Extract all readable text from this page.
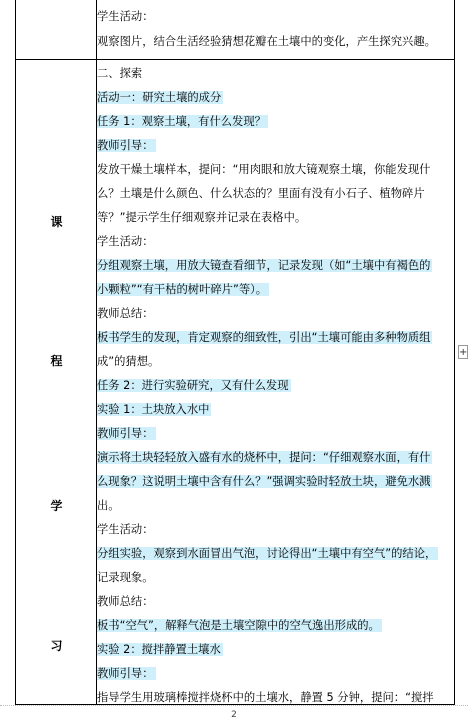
课
程
学
习
学生活动：
观察图片，结合生活经验猜想花瓣在土壤中的变化，产生探究兴趣。
二、探索
活动一：研究土壤的成分
任务 1：观察土壤，有什么发现？
教师引导：
发放干燥土壤样本，提问：“用肉眼和放大镜观察土壤，你能发现什
么？土壤是什么颜色、什么状态的？里面有没有小石子、植物碎片
等？”提示学生仔细观察并记录在表格中。
学生活动：
分组观察土壤，用放大镜查看细节，记录发现（如“土壤中有褐色的
小颗粒”“有干枯的树叶碎片”等）。
教师总结：
板书学生的发现，肯定观察的细致性，引出“土壤可能由多种物质组
成”的猜想。
任务 2：进行实验研究，又有什么发现
实验 1：土块放入水中
教师引导：
演示将土块轻轻放入盛有水的烧杯中，提问：“仔细观察水面，有什
么现象？这说明土壤中含有什么？”强调实验时轻放土块，避免水溅
出。
学生活动：
分组实验，观察到水面冒出气泡，讨论得出“土壤中有空气”的结论，
记录现象。
教师总结：
板书“空气”，解释气泡是土壤空隙中的空气逸出形成的。
实验 2：搅拌静置土壤水
教师引导：
指导学生用玻璃棒搅拌烧杯中的土壤水，静置 5 分钟，提问：“搅拌
+
2
